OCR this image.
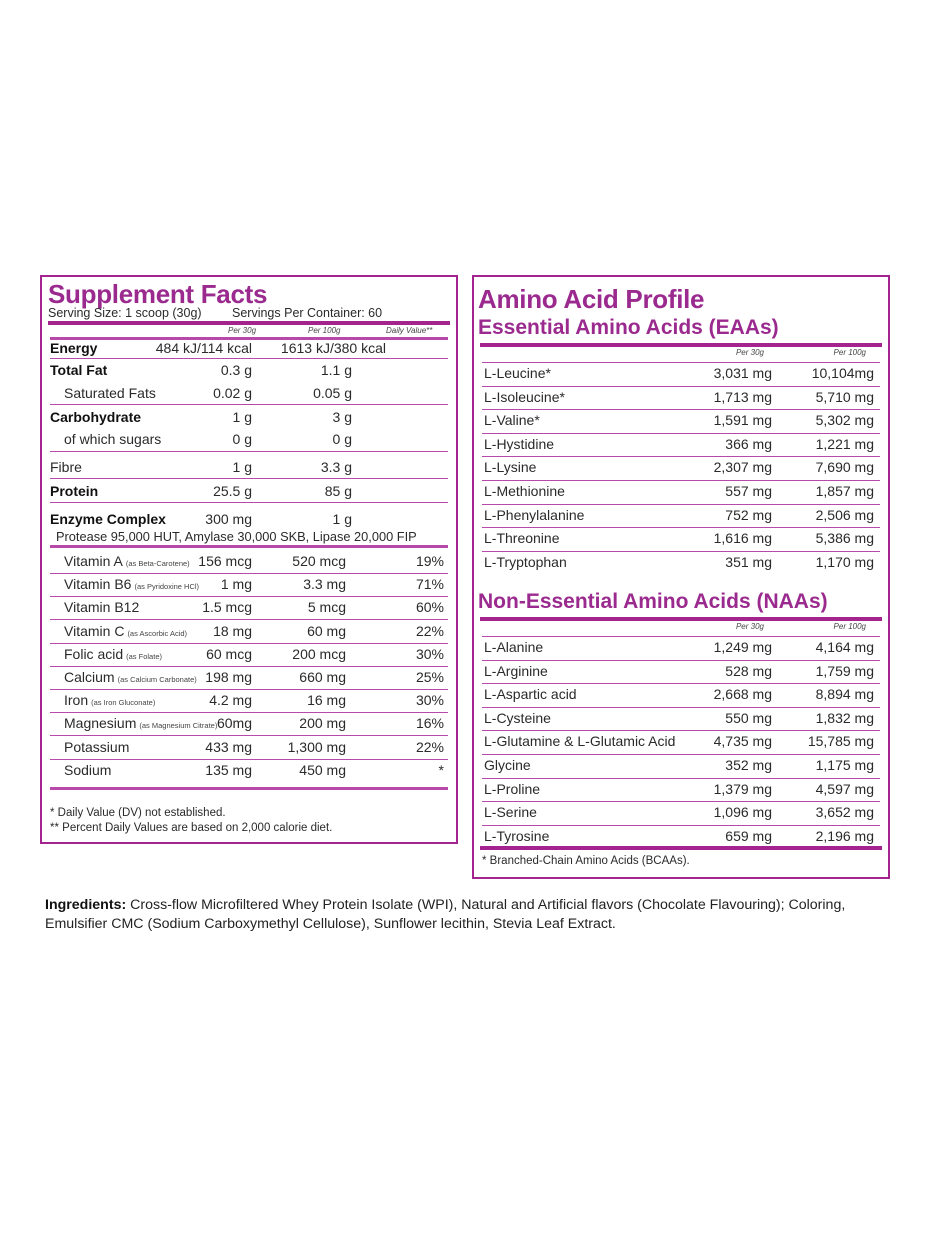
Supplement Facts
Serving Size: 1 scoop (30g) Servings Per Container: 60
Per 30g	Per 100g	Daily Value**
Energy	484 kJ/114 kcal 1613 kJ/380 kcal
Total Fat	0.3 g	1.1 g
Saturated Fats	0.02 g	0.05 g
Carbohydrate	1 g	3 g
of which sugars	0 g	0 g
Fibre	1 g	3.3 g
Protein	25.5 g	85 g
Enzyme Complex	300 mg	1 g
Protease 95,000 HUT, Amylase 30,000 SKB, Lipase 20,000 FIP
Vitamin A (as Beta-Carotene) 156 mcg	520 mcg	19%
Vitamin B6 (as Pyridoxine HCl) 1 mg	3.3 mg	71%
Vitamin B12	1.5 mcg	5 mcg	60%
Vitamin C (as Ascorbic Acid) 18 mg	60 mg	22%
Folic acid (as Folate)	60 mcg	200 mcg	30%
Calcium (as Calcium Carbonate) 198 mg	660 mg	25%
Iron (as Iron Gluconate)	4.2 mg	16 mg	30%
Magnesium (as Magnesium Citrate) 60mg	200 mg	16%
Potassium	433 mg	1,300 mg	22%
Sodium	135 mg	450 mg	*
* Daily Value (DV) not established.
** Percent Daily Values are based on 2,000 calorie diet.
Amino Acid Profile
Essential Amino Acids (EAAs)
Per 30g	Per 100g
L-Leucine*	3,031 mg	10,104mg
L-Isoleucine*	1,713 mg	5,710 mg
L-Valine*	1,591 mg	5,302 mg
L-Hystidine	366 mg	1,221 mg
L-Lysine	2,307 mg	7,690 mg
L-Methionine	557 mg	1,857 mg
L-Phenylalanine	752 mg	2,506 mg
L-Threonine	1,616 mg	5,386 mg
L-Tryptophan	351 mg	1,170 mg
Non-Essential Amino Acids (NAAs)
Per 30g	Per 100g
L-Alanine	1,249 mg	4,164 mg
L-Arginine	528 mg	1,759 mg
L-Aspartic acid	2,668 mg	8,894 mg
L-Cysteine	550 mg	1,832 mg
L-Glutamine & L-Glutamic Acid	4,735 mg	15,785 mg
Glycine	352 mg	1,175 mg
L-Proline	1,379 mg	4,597 mg
L-Serine	1,096 mg	3,652 mg
L-Tyrosine	659 mg	2,196 mg
* Branched-Chain Amino Acids (BCAAs).
Ingredients: Cross-flow Microfiltered Whey Protein Isolate (WPI), Natural and Artificial flavors (Chocolate Flavouring); Coloring, Emulsifier CMC (Sodium Carboxymethyl Cellulose), Sunflower lecithin, Stevia Leaf Extract.
